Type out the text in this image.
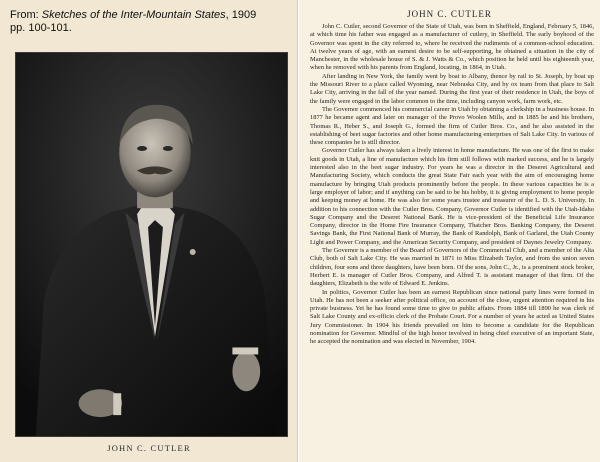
From: Sketches of the Inter-Mountain States, 1909
pp. 100-101.
JOHN C. CUTLER
JOHN C. CUTLER

John C. Cutler, second Governor of the State of Utah, was born in Sheffield, England, February 5, 1846, at which time his father was engaged as a manufacturer of cutlery, in Sheffield. The early boyhood of the Governor was spent in the city referred to, where he received the rudiments of a common-school education. At twelve years of age, with an earnest desire to be self-supporting, he obtained a situation in the city of Manchester, in the wholesale house of S. & J. Watts & Co., which position he held until his eighteenth year, when he removed with his parents from England, locating, in 1864, in Utah.

After landing in New York, the family went by boat to Albany, thence by rail to St. Joseph, by boat up the Missouri River to a place called Wyoming, near Nebraska City, and by ox team from that place to Salt Lake City, arriving in the fall of the year named. During the first year of their residence in Utah, the boys of the family were engaged in the labor common to the time, including canyon work, farm work, etc.

The Governor commenced his commercial career in Utah by obtaining a clerkship in a business house. In 1877 he became agent and later on manager of the Provo Woolen Mills, and in 1885 he and his brothers, Thomas R., Heber S., and Joseph G., formed the firm of Cutler Bros. Co., and he also assisted in the establishing of beet sugar factories and other home manufacturing enterprises of Salt Lake City. In various of these companies he is still director.

Governor Cutler has always taken a lively interest in home manufacture. He was one of the first to make knit goods in Utah, a line of manufacture which his firm still follows with marked success, and he is largely interested also in the beet sugar industry. For years he was a director in the Deseret Agricultural and Manufacturing Society, which conducts the great State Fair each year with the aim of encouraging home manufacture by bringing Utah products prominently before the people. In these various capacities he is a large employer of labor; and if anything can be said to be his hobby, it is giving employment to home people and keeping money at home. He was also for some years trustee and treasurer of the L. D. S. University. In addition to his connection with the Cutler Bros. Company, Governor Cutler is identified with the Utah-Idaho Sugar Company and the Deseret National Bank. He is vice-president of the Beneficial Life Insurance Company, director in the Home Fire Insurance Company, Thatcher Bros. Banking Company, the Deseret Savings Bank, the First National Bank of Murray, the Bank of Randolph, Bank of Garland, the Utah County Light and Power Company, and the American Security Company, and president of Daynes Jewelry Company.

The Governor is a member of the Board of Governors of the Commercial Club, and a member of the Alta Club, both of Salt Lake City. He was married in 1871 to Miss Elizabeth Taylor, and from the union seven children, four sons and three daughters, have been born. Of the sons, John C., Jr., is a prominent stock broker, Herbert E. is manager of Cutler Bros. Company, and Alfred T. is assistant manager of that firm. Of the daughters, Elizabeth is the wife of Edward E. Jenkins.

In politics, Governor Cutler has been an earnest Republican since national party lines were formed in Utah. He has not been a seeker after political office, on account of the close, urgent attention required in his private business. Yet he has found some time to give to public affairs. From 1884 till 1890 he was clerk of Salt Lake County and ex-officio clerk of the Probate Court. For a number of years he acted as United States Jury Commissioner. In 1904 his friends prevailed on him to become a candidate for the Republican nomination for Governor. Mindful of the high honor involved in being chief executive of an important State, he accepted the nomination and was elected in November, 1904.
